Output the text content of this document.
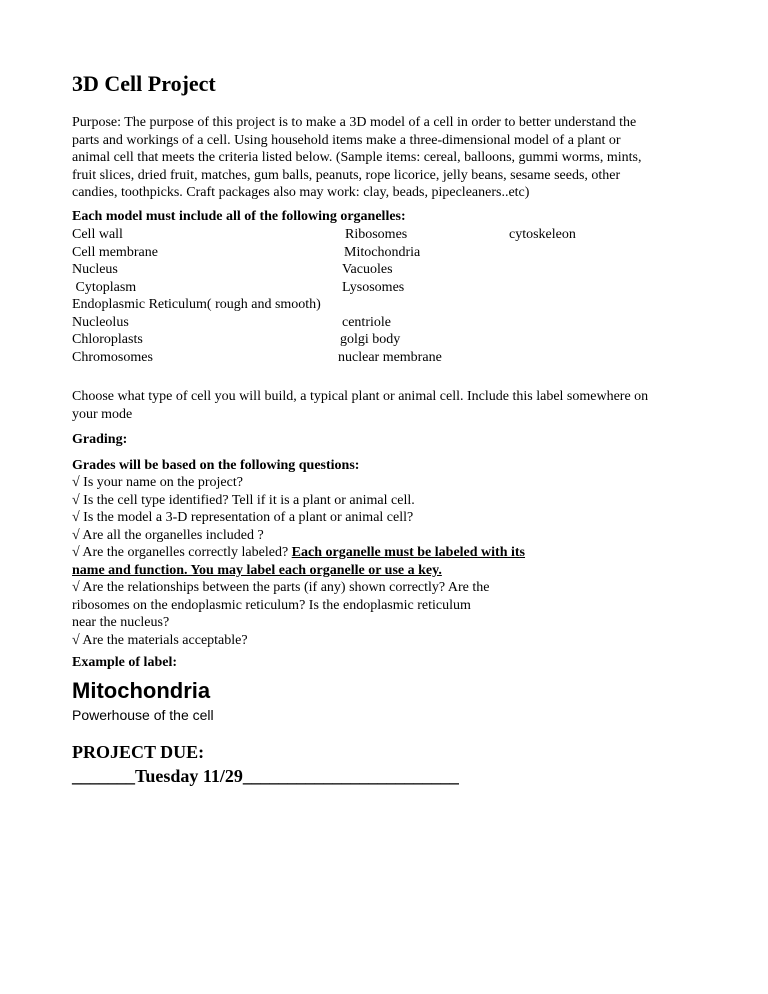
3D Cell Project
Purpose: The purpose of this project is to make a 3D model of a cell in order to better understand the
parts and workings of a cell. Using household items make a three-dimensional model of a plant or
animal cell that meets the criteria listed below. (Sample items: cereal, balloons, gummi worms, mints,
fruit slices, dried fruit, matches, gum balls, peanuts, rope licorice, jelly beans, sesame seeds, other
candies, toothpicks. Craft packages also may work: clay, beads, pipecleaners..etc)
Each model must include all of the following organelles:
Cell wall
Cell membrane
Nucleus
Cytoplasm
Endoplasmic Reticulum( rough and smooth)
Nucleolus
Chloroplasts
Chromosomes
Ribosomes
Mitochondria
Vacuoles
Lysosomes
centriole
golgi body
nuclear membrane
cytoskeleon
Choose what type of cell you will build, a typical plant or animal cell. Include this label somewhere on
your mode
Grading:
Grades will be based on the following questions:
√ Is your name on the project?
√ Is the cell type identified? Tell if it is a plant or animal cell.
√ Is the model a 3-D representation of a plant or animal cell?
√ Are all the organelles included ?
√ Are the organelles correctly labeled? Each organelle must be labeled with its
name and function. You may label each organelle or use a key.
√ Are the relationships between the parts (if any) shown correctly? Are the
ribosomes on the endoplasmic reticulum? Is the endoplasmic reticulum
near the nucleus?
√ Are the materials acceptable?
Example of label:
Mitochondria
Powerhouse of the cell
PROJECT DUE:
_______Tuesday 11/29________________________
